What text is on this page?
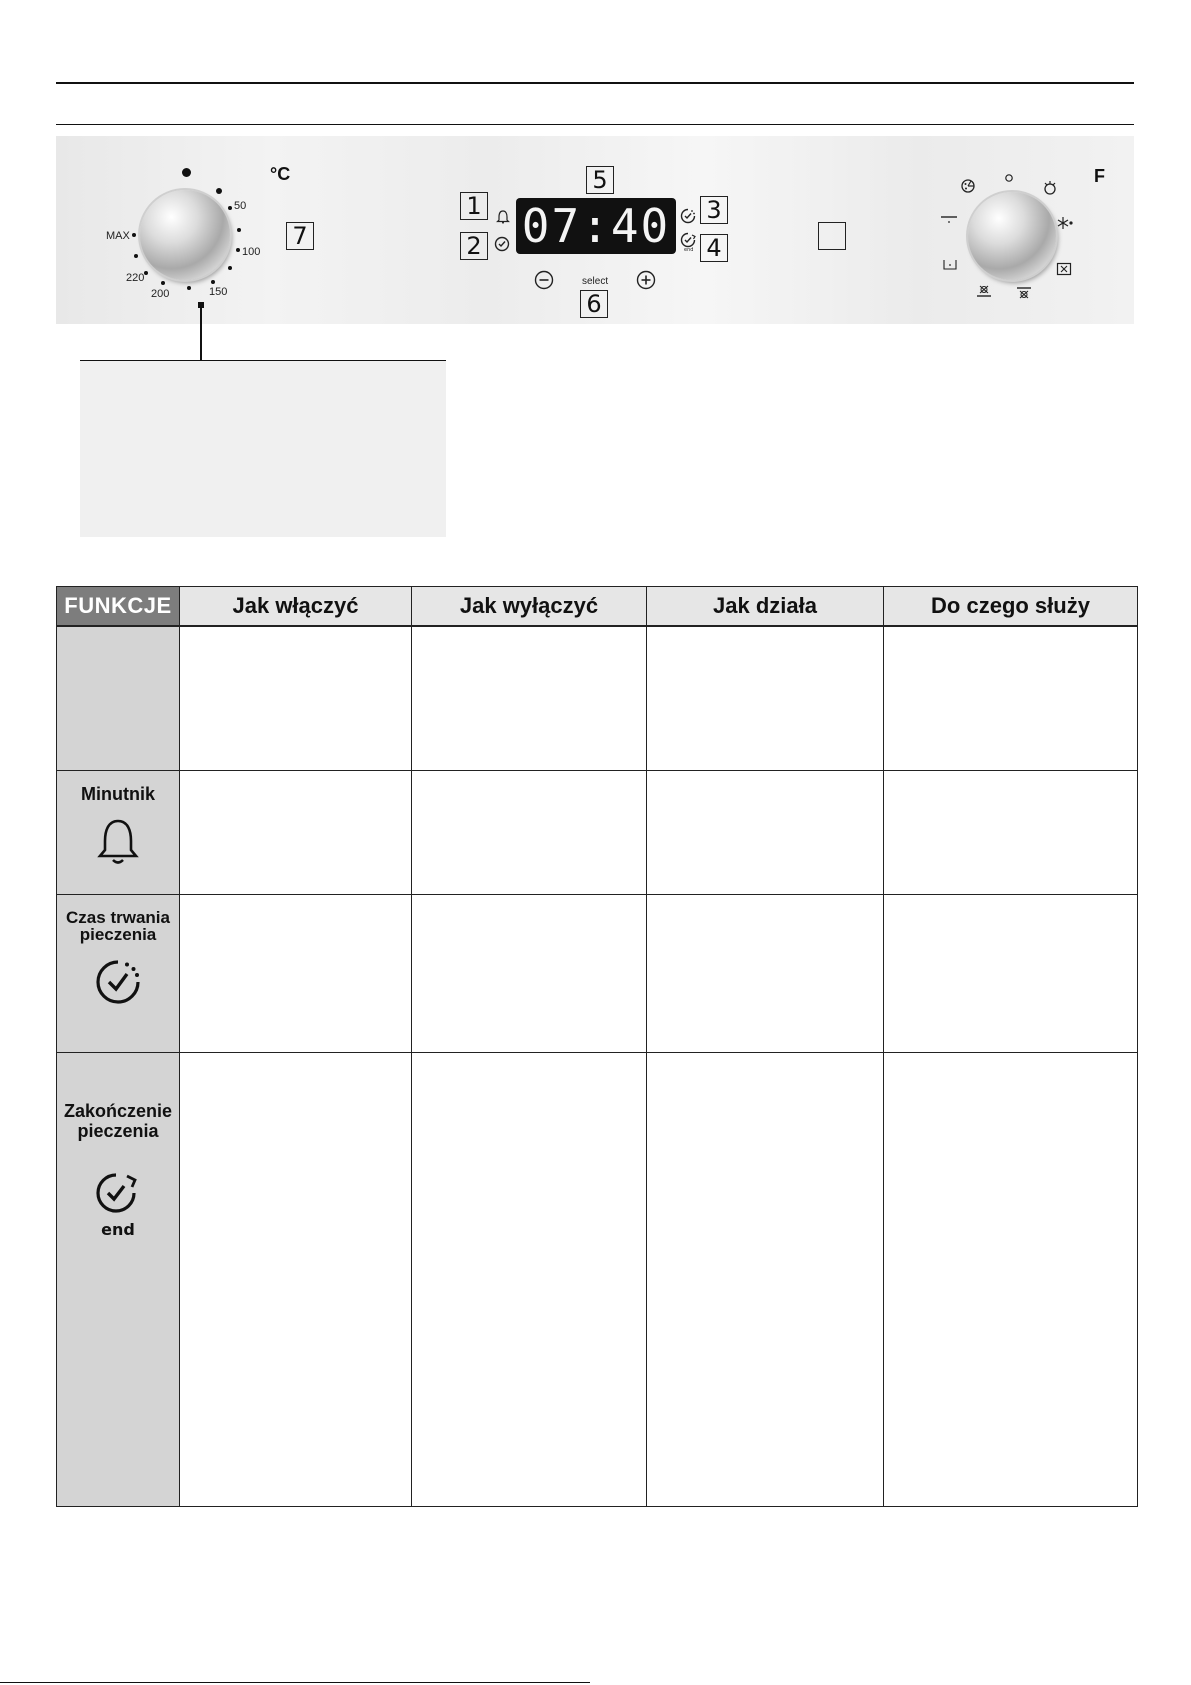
50
100
150
200
220
MAX
°C
7
5
1
2 07:40	end
3
4
select
6
F
FUNKCJE	Jak włączyć	Jak wyłączyć	Jak działa	Do czego służy

Minutnik				

Czas trwania pieczenia				

Zakończenie pieczenia
end				
